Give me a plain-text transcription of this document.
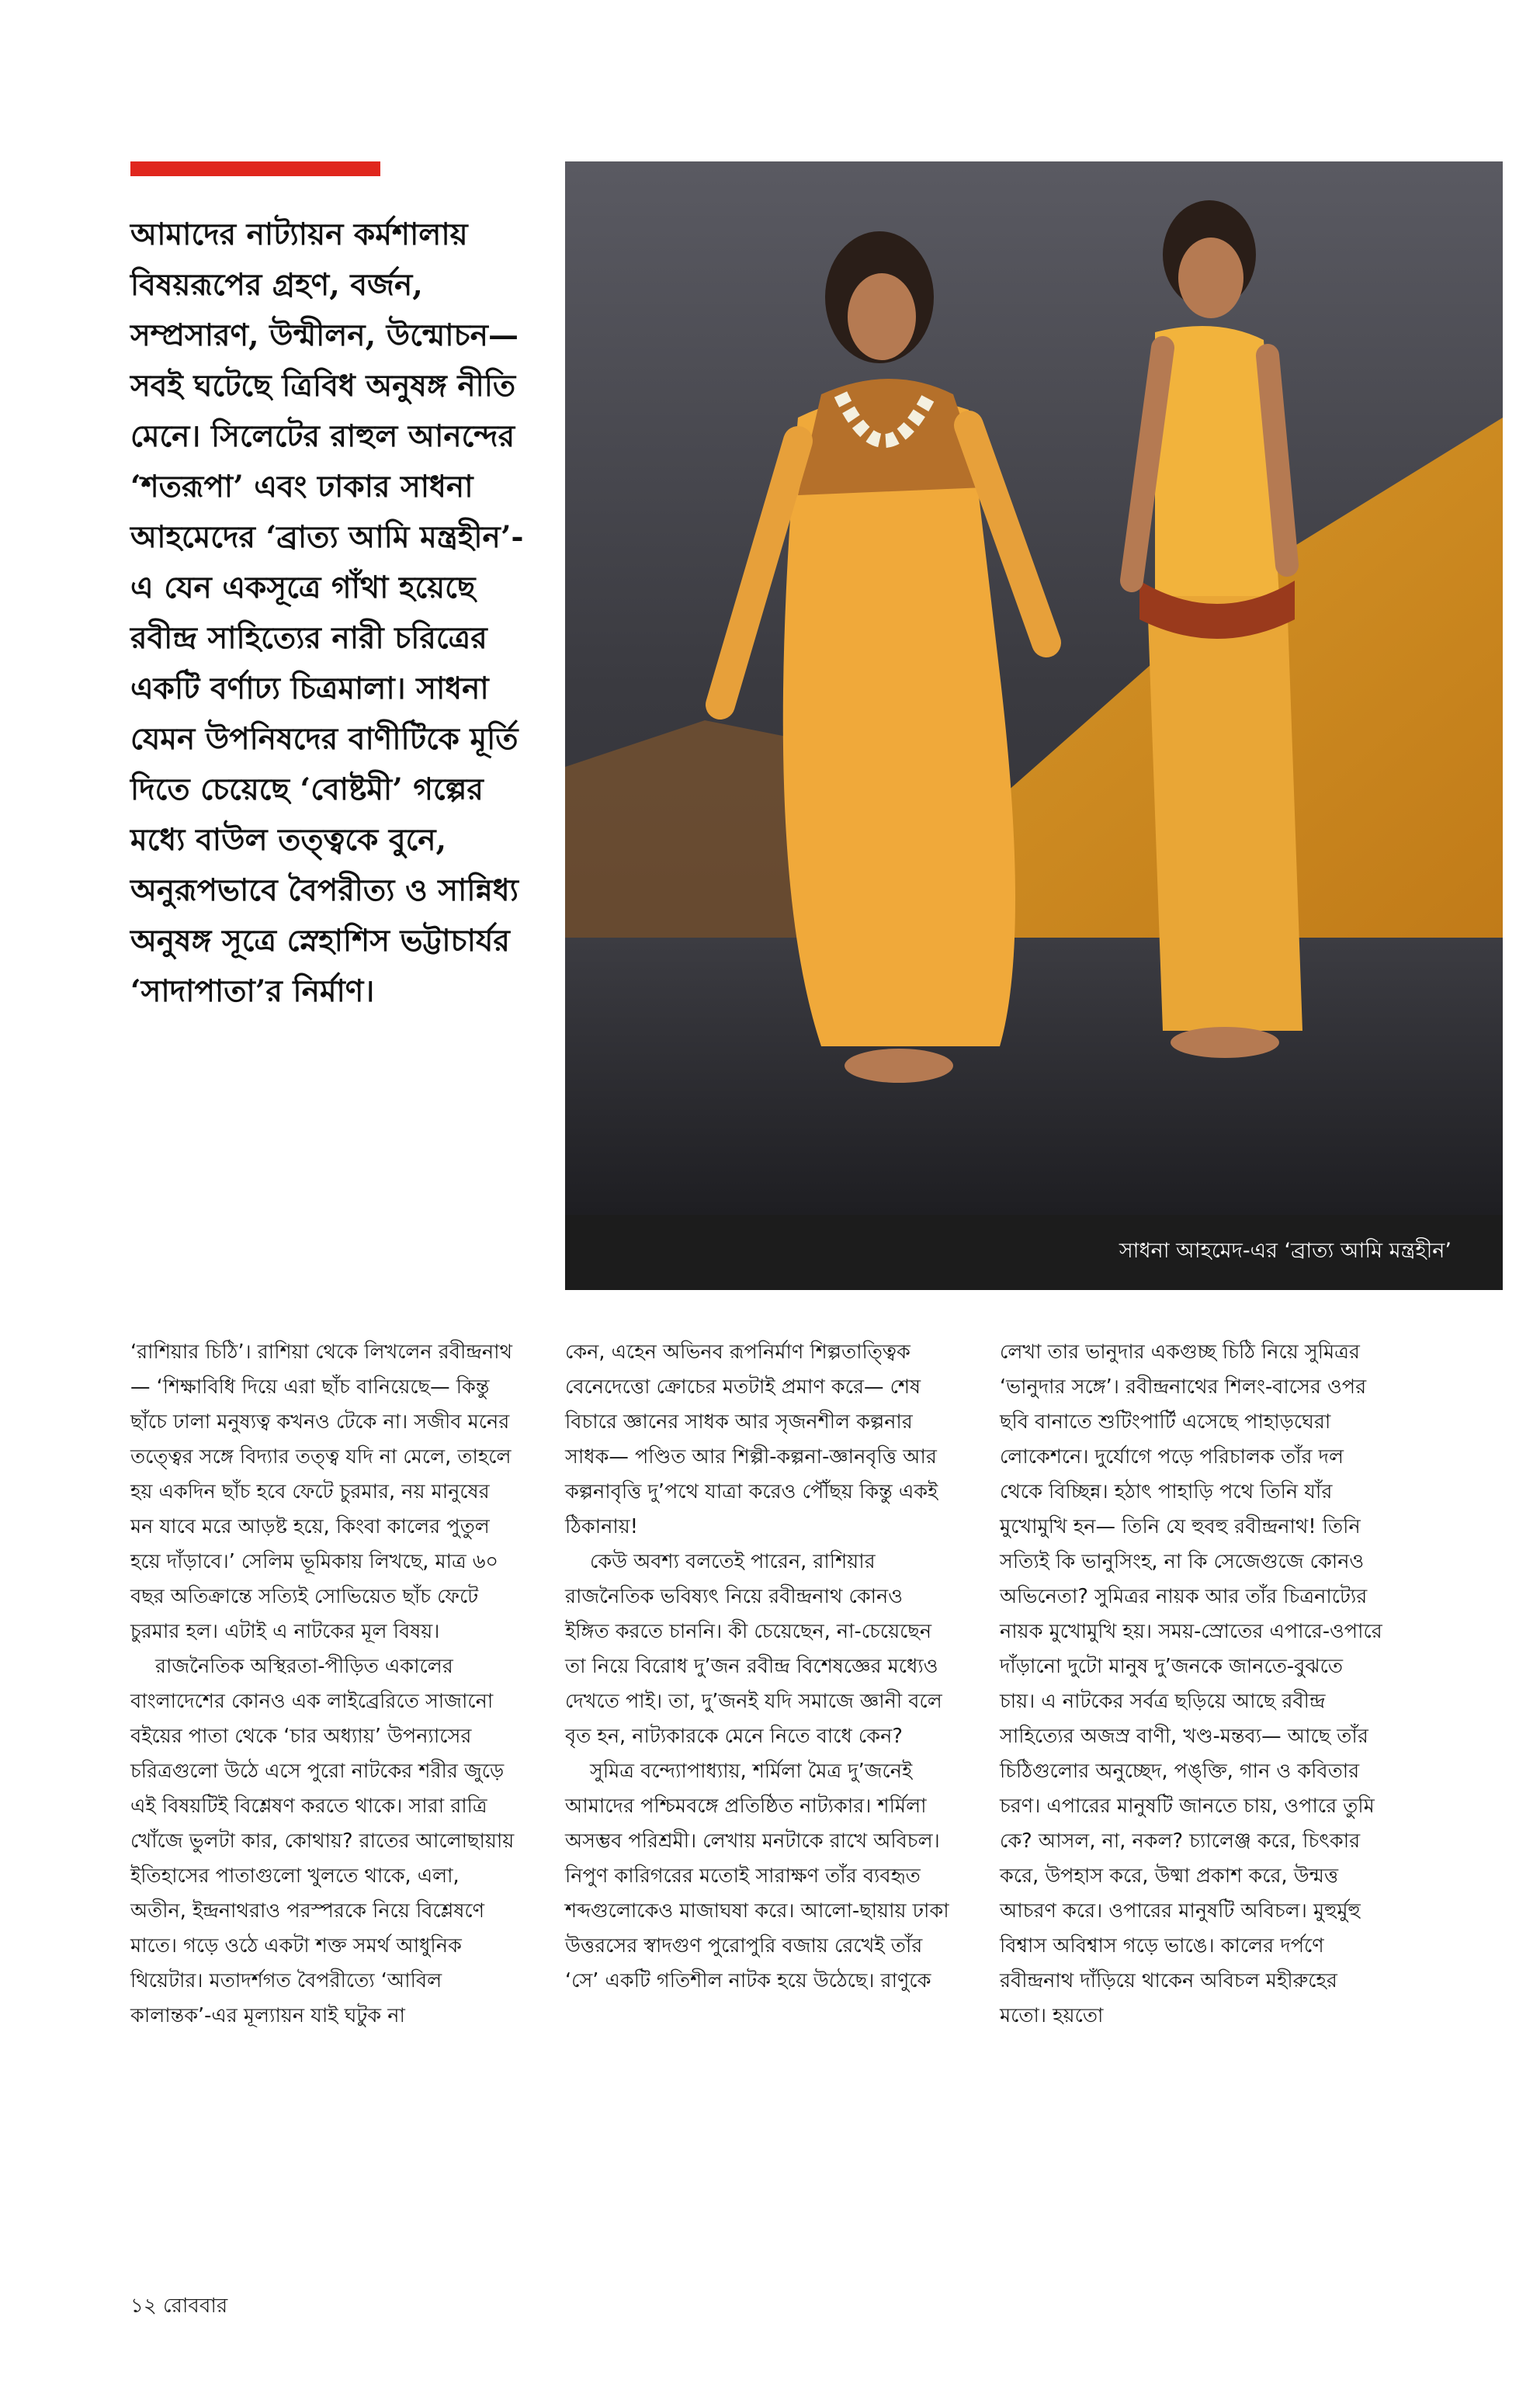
আমাদের নাট্যায়ন কর্মশালায় বিষয়রূপের গ্রহণ, বর্জন, সম্প্রসারণ, উন্মীলন, উন্মোচন— সবই ঘটেছে ত্রিবিধ অনুষঙ্গ নীতি মেনে। সিলেটের রাহুল আনন্দের ‘শতরূপা’ এবং ঢাকার সাধনা আহমেদের ‘ব্রাত্য আমি মন্ত্রহীন’-এ যেন একসূত্রে গাঁথা হয়েছে রবীন্দ্র সাহিত্যের নারী চরিত্রের একটি বর্ণাঢ্য চিত্রমালা। সাধনা যেমন উপনিষদের বাণীটিকে মূর্তি দিতে চেয়েছে ‘বোষ্টমী’ গল্পের মধ্যে বাউল তত্ত্বকে বুনে, অনুরূপভাবে বৈপরীত্য ও সান্নিধ্য অনুষঙ্গ সূত্রে স্নেহাশিস ভট্টাচার্যর ‘সাদাপাতা’র নির্মাণ।

সাধনা আহমেদ-এর ‘ব্রাত্য আমি মন্ত্রহীন’

‘রাশিয়ার চিঠি’। রাশিয়া থেকে লিখলেন রবীন্দ্রনাথ— ‘শিক্ষাবিধি দিয়ে এরা ছাঁচ বানিয়েছে— কিন্তু ছাঁচে ঢালা মনুষ্যত্ব কখনও টেকে না। সজীব মনের তত্ত্বের সঙ্গে বিদ্যার তত্ত্ব যদি না মেলে, তাহলে হয় একদিন ছাঁচ হবে ফেটে চুরমার, নয় মানুষের মন যাবে মরে আড়ষ্ট হয়ে, কিংবা কালের পুতুল হয়ে দাঁড়াবে।’ সেলিম ভূমিকায় লিখছে, মাত্র ৬০ বছর অতিক্রান্তে সত্যিই সোভিয়েত ছাঁচ ফেটে চুরমার হল। এটাই এ নাটকের মূল বিষয়।

রাজনৈতিক অস্থিরতা-পীড়িত একালের বাংলাদেশের কোনও এক লাইব্রেরিতে সাজানো বইয়ের পাতা থেকে ‘চার অধ্যায়’ উপন্যাসের চরিত্রগুলো উঠে এসে পুরো নাটকের শরীর জুড়ে এই বিষয়টিই বিশ্লেষণ করতে থাকে। সারা রাত্রি খোঁজে ভুলটা কার, কোথায়? রাতের আলোছায়ায় ইতিহাসের পাতাগুলো খুলতে থাকে, এলা, অতীন, ইন্দ্রনাথরাও পরস্পরকে নিয়ে বিশ্লেষণে মাতে। গড়ে ওঠে একটা শক্ত সমর্থ আধুনিক থিয়েটার। মতাদর্শগত বৈপরীত্যে ‘আবিল কালান্তক’-এর মূল্যায়ন যাই ঘটুক না

কেন, এহেন অভিনব রূপনির্মাণ শিল্পতাত্ত্বিক বেনেদেত্তো ক্রোচের মতটাই প্রমাণ করে— শেষ বিচারে জ্ঞানের সাধক আর সৃজনশীল কল্পনার সাধক— পণ্ডিত আর শিল্পী-কল্পনা-জ্ঞানবৃত্তি আর কল্পনাবৃত্তি দু’পথে যাত্রা করেও পৌঁছয় কিন্তু একই ঠিকানায়!

কেউ অবশ্য বলতেই পারেন, রাশিয়ার রাজনৈতিক ভবিষ্যৎ নিয়ে রবীন্দ্রনাথ কোনও ইঙ্গিত করতে চাননি। কী চেয়েছেন, না-চেয়েছেন তা নিয়ে বিরোধ দু’জন রবীন্দ্র বিশেষজ্ঞের মধ্যেও দেখতে পাই। তা, দু’জনই যদি সমাজে জ্ঞানী বলে বৃত হন, নাট্যকারকে মেনে নিতে বাধে কেন?

সুমিত্র বন্দ্যোপাধ্যায়, শর্মিলা মৈত্র দু’জনেই আমাদের পশ্চিমবঙ্গে প্রতিষ্ঠিত নাট্যকার। শর্মিলা অসম্ভব পরিশ্রমী। লেখায় মনটাকে রাখে অবিচল। নিপুণ কারিগরের মতোই সারাক্ষণ তাঁর ব্যবহৃত শব্দগুলোকেও মাজাঘষা করে। আলো-ছায়ায় ঢাকা উত্তরসের স্বাদগুণ পুরোপুরি বজায় রেখেই তাঁর ‘সে’ একটি গতিশীল নাটক হয়ে উঠেছে। রাণুকে

লেখা তার ভানুদার একগুচ্ছ চিঠি নিয়ে সুমিত্রর ‘ভানুদার সঙ্গে’। রবীন্দ্রনাথের শিলং-বাসের ওপর ছবি বানাতে শুটিংপার্টি এসেছে পাহাড়ঘেরা লোকেশনে। দুর্যোগে পড়ে পরিচালক তাঁর দল থেকে বিচ্ছিন্ন। হঠাৎ পাহাড়ি পথে তিনি যাঁর মুখোমুখি হন— তিনি যে হুবহু রবীন্দ্রনাথ! তিনি সত্যিই কি ভানুসিংহ, না কি সেজেগুজে কোনও অভিনেতা? সুমিত্রর নায়ক আর তাঁর চিত্রনাট্যের নায়ক মুখোমুখি হয়। সময়-স্রোতের এপারে-ওপারে দাঁড়ানো দুটো মানুষ দু’জনকে জানতে-বুঝতে চায়। এ নাটকের সর্বত্র ছড়িয়ে আছে রবীন্দ্র সাহিত্যের অজস্র বাণী, খণ্ড-মন্তব্য— আছে তাঁর চিঠিগুলোর অনুচ্ছেদ, পঙ্‌ক্তি, গান ও কবিতার চরণ। এপারের মানুষটি জানতে চায়, ওপারে তুমি কে? আসল, না, নকল? চ্যালেঞ্জ করে, চিৎকার করে, উপহাস করে, উষ্মা প্রকাশ করে, উন্মত্ত আচরণ করে। ওপারের মানুষটি অবিচল। মুহুর্মুহু বিশ্বাস অবিশ্বাস গড়ে ভাঙে। কালের দর্পণে রবীন্দ্রনাথ দাঁড়িয়ে থাকেন অবিচল মহীরুহের মতো। হয়তো

১২ রোববার
